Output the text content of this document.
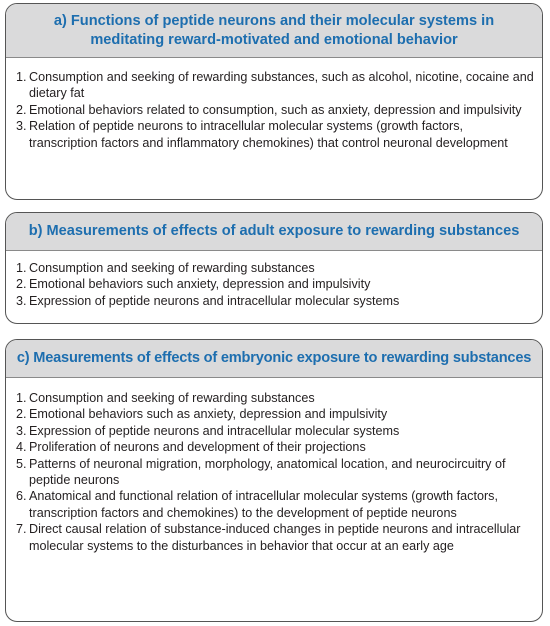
a) Functions of peptide neurons and their molecular systems in meditating reward-motivated and emotional behavior
1. Consumption and seeking of rewarding substances, such as alcohol, nicotine, cocaine and dietary fat
2. Emotional behaviors related to consumption, such as anxiety, depression and impulsivity
3. Relation of peptide neurons to intracellular molecular systems (growth factors, transcription factors and inflammatory chemokines) that control neuronal development
b) Measurements of effects of adult exposure to rewarding substances
1. Consumption and seeking of rewarding substances
2. Emotional behaviors such anxiety, depression and impulsivity
3. Expression of peptide neurons and intracellular molecular systems
c) Measurements of effects of embryonic exposure to rewarding substances
1. Consumption and seeking of rewarding substances
2. Emotional behaviors such as anxiety, depression and impulsivity
3. Expression of peptide neurons and intracellular molecular systems
4. Proliferation of neurons and development of their projections
5. Patterns of neuronal migration, morphology, anatomical location, and neurocircuitry of peptide neurons
6. Anatomical and functional relation of intracellular molecular systems (growth factors, transcription factors and chemokines) to the development of peptide neurons
7. Direct causal relation of substance-induced changes in peptide neurons and intracellular molecular systems to the disturbances in behavior that occur at an early age
